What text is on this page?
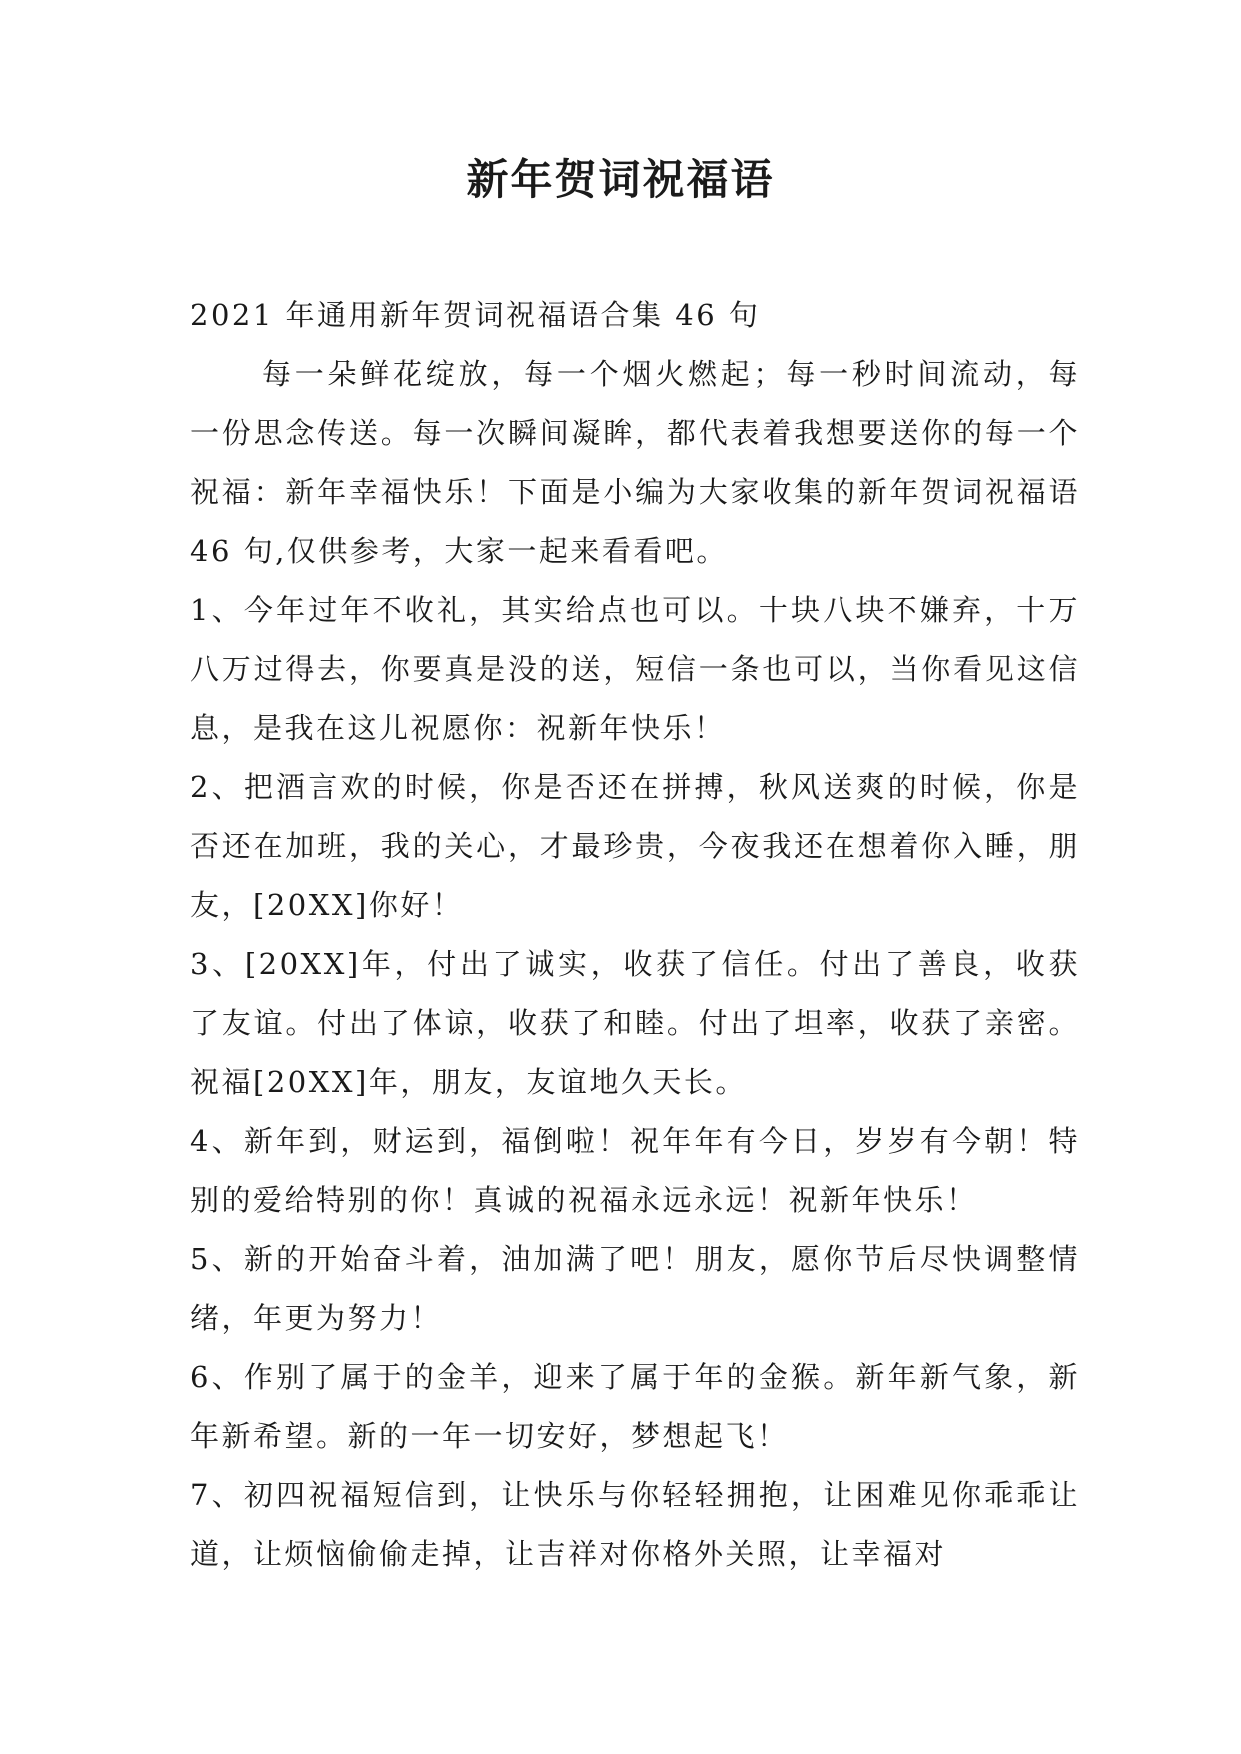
新年贺词祝福语

2021 年通用新年贺词祝福语合集 46 句

每一朵鲜花绽放，每一个烟火燃起；每一秒时间流动，每一份思念传送。每一次瞬间凝眸，都代表着我想要送你的每一个祝福：新年幸福快乐！下面是小编为大家收集的新年贺词祝福语 46 句,仅供参考，大家一起来看看吧。

1、今年过年不收礼，其实给点也可以。十块八块不嫌弃，十万八万过得去，你要真是没的送，短信一条也可以，当你看见这信息，是我在这儿祝愿你：祝新年快乐！

2、把酒言欢的时候，你是否还在拼搏，秋风送爽的时候，你是否还在加班，我的关心，才最珍贵，今夜我还在想着你入睡，朋友，[20XX]你好！

3、[20XX]年，付出了诚实，收获了信任。付出了善良，收获了友谊。付出了体谅，收获了和睦。付出了坦率，收获了亲密。祝福[20XX]年，朋友，友谊地久天长。

4、新年到，财运到，福倒啦！祝年年有今日，岁岁有今朝！特别的爱给特别的你！真诚的祝福永远永远！祝新年快乐！

5、新的开始奋斗着，油加满了吧！朋友，愿你节后尽快调整情绪，年更为努力！

6、作别了属于的金羊，迎来了属于年的金猴。新年新气象，新年新希望。新的一年一切安好，梦想起飞！

7、初四祝福短信到，让快乐与你轻轻拥抱，让困难见你乖乖让道，让烦恼偷偷走掉，让吉祥对你格外关照，让幸福对
